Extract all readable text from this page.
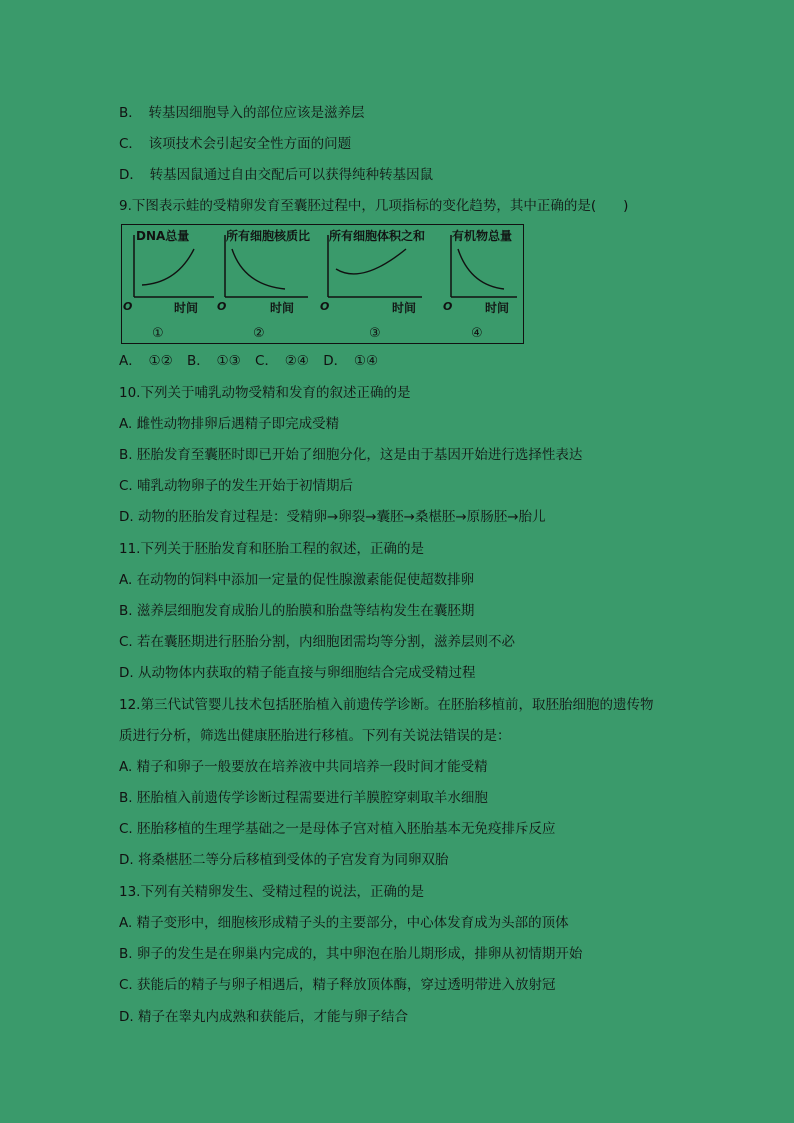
B．　转基因细胞导入的部位应该是滋养层
C．　该项技术会引起安全性方面的问题
D．　转基因鼠通过自由交配后可以获得纯种转基因鼠
9.下图表示蛙的受精卵发育至囊胚过程中，几项指标的变化趋势，其中正确的是(　　)
DNA总量
O	时间
①
所有细胞核质比
O	时间
②
所有细胞体积之和
O	时间
③
有机物总量
O	时间
④
A．　①② B．　①③ C．　②④ D．　①④
10.下列关于哺乳动物受精和发育的叙述正确的是
A. 雌性动物排卵后遇精子即完成受精
B. 胚胎发育至囊胚时即已开始了细胞分化，这是由于基因开始进行选择性表达
C. 哺乳动物卵子的发生开始于初情期后
D. 动物的胚胎发育过程是：受精卵→卵裂→囊胚→桑椹胚→原肠胚→胎儿
11.下列关于胚胎发育和胚胎工程的叙述，正确的是
A. 在动物的饲料中添加一定量的促性腺激素能促使超数排卵
B. 滋养层细胞发育成胎儿的胎膜和胎盘等结构发生在囊胚期
C. 若在囊胚期进行胚胎分割，内细胞团需均等分割，滋养层则不必
D. 从动物体内获取的精子能直接与卵细胞结合完成受精过程
12.第三代试管婴儿技术包括胚胎植入前遗传学诊断。在胚胎移植前，取胚胎细胞的遗传物
质进行分析，筛选出健康胚胎进行移植。下列有关说法错误的是：
A. 精子和卵子一般要放在培养液中共同培养一段时间才能受精
B. 胚胎植入前遗传学诊断过程需要进行羊膜腔穿刺取羊水细胞
C. 胚胎移植的生理学基础之一是母体子宫对植入胚胎基本无免疫排斥反应
D. 将桑椹胚二等分后移植到受体的子宫发育为同卵双胎
13.下列有关精卵发生、受精过程的说法，正确的是
A. 精子变形中，细胞核形成精子头的主要部分，中心体发育成为头部的顶体
B. 卵子的发生是在卵巢内完成的，其中卵泡在胎儿期形成，排卵从初情期开始
C. 获能后的精子与卵子相遇后，精子释放顶体酶，穿过透明带进入放射冠
D. 精子在睾丸内成熟和获能后，才能与卵子结合
